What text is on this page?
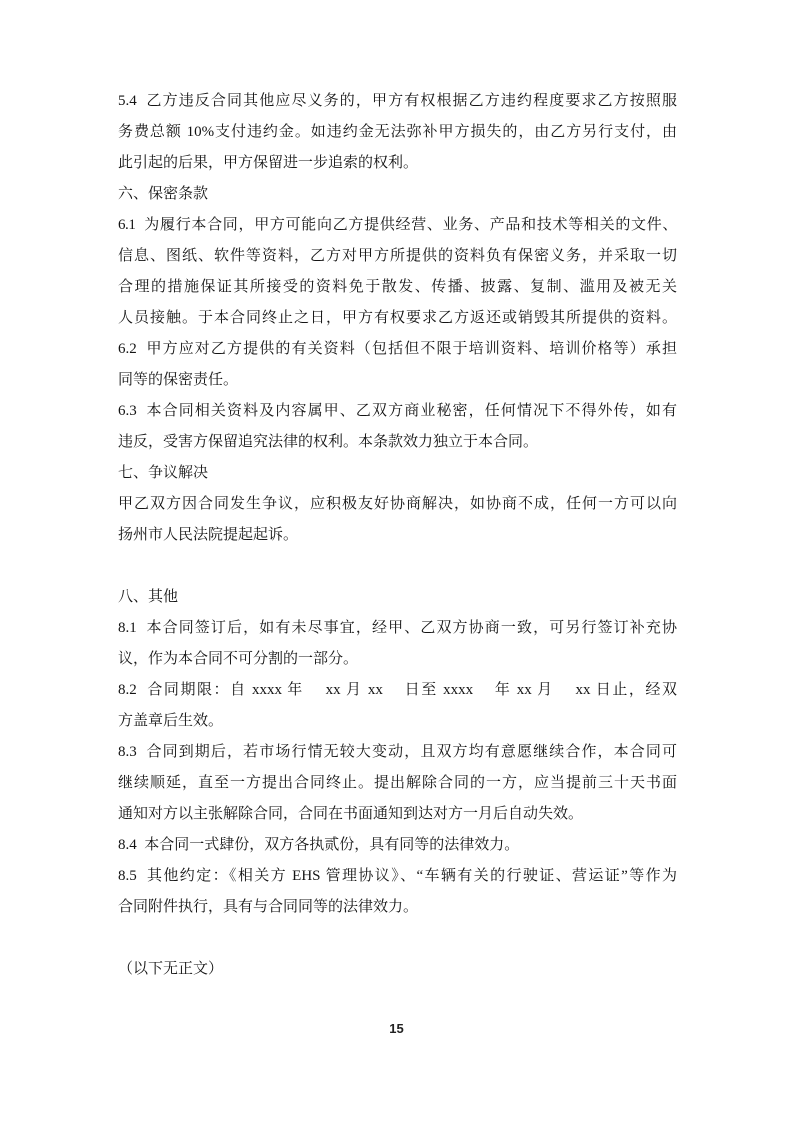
5.4  乙方违反合同其他应尽义务的，甲方有权根据乙方违约程度要求乙方按照服
务费总额 10%支付违约金。如违约金无法弥补甲方损失的，由乙方另行支付，由
此引起的后果，甲方保留进一步追索的权利。
六、保密条款
6.1  为履行本合同，甲方可能向乙方提供经营、业务、产品和技术等相关的文件、
信息、图纸、软件等资料，乙方对甲方所提供的资料负有保密义务，并采取一切
合理的措施保证其所接受的资料免于散发、传播、披露、复制、滥用及被无关
人员接触。于本合同终止之日，甲方有权要求乙方返还或销毁其所提供的资料。
6.2  甲方应对乙方提供的有关资料（包括但不限于培训资料、培训价格等）承担
同等的保密责任。
6.3  本合同相关资料及内容属甲、乙双方商业秘密，任何情况下不得外传，如有
违反，受害方保留追究法律的权利。本条款效力独立于本合同。
七、争议解决
甲乙双方因合同发生争议，应积极友好协商解决，如协商不成，任何一方可以向
扬州市人民法院提起起诉。

八、其他
8.1  本合同签订后，如有未尽事宜，经甲、乙双方协商一致，可另行签订补充协
议，作为本合同不可分割的一部分。
8.2  合同期限：自 xxxx 年　 xx 月 xx 　日至 xxxx 　年 xx 月 　xx 日止，经双
方盖章后生效。
8.3  合同到期后，若市场行情无较大变动，且双方均有意愿继续合作，本合同可
继续顺延，直至一方提出合同终止。提出解除合同的一方，应当提前三十天书面
通知对方以主张解除合同，合同在书面通知到达对方一月后自动失效。
8.4  本合同一式肆份，双方各执贰份，具有同等的法律效力。
8.5  其他约定：《相关方 EHS 管理协议》、“车辆有关的行驶证、营运证”等作为
合同附件执行，具有与合同同等的法律效力。

（以下无正文）
15
